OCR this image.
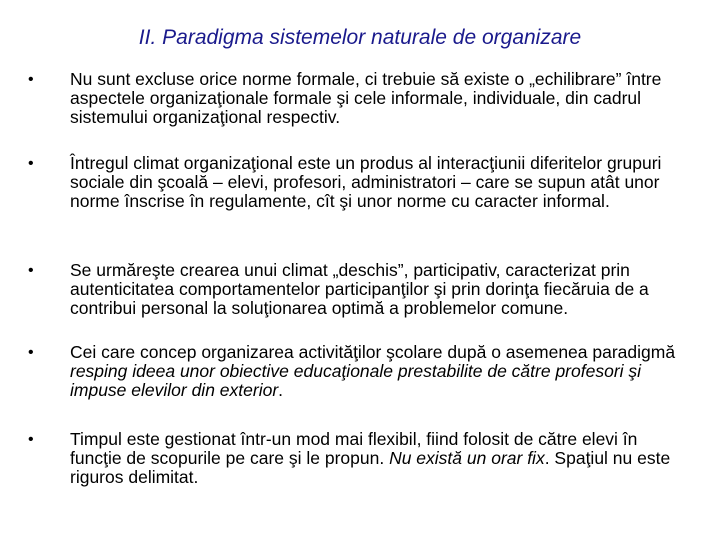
II. Paradigma sistemelor naturale de organizare
•	Nu sunt excluse orice norme formale, ci trebuie să existe o „echilibrare” între aspectele organizaţionale formale şi cele informale, individuale, din cadrul sistemului organizaţional respectiv.
•	Întregul climat organizaţional este un produs al interacţiunii diferitelor grupuri sociale din şcoală – elevi, profesori, administratori – care se supun atât unor norme înscrise în regulamente, cît şi unor norme cu caracter informal.
•	Se urmăreşte crearea unui climat „deschis”, participativ, caracterizat prin autenticitatea comportamentelor participanţilor şi prin dorinţa fiecăruia de a contribui personal la soluţionarea optimă a problemelor comune.
•	Cei care concep organizarea activităţilor şcolare după o asemenea paradigmă resping ideea unor obiective educaţionale prestabilite de către profesori şi impuse elevilor din exterior.
•	Timpul este gestionat într-un mod mai flexibil, fiind folosit de către elevi în funcţie de scopurile pe care şi le propun. Nu există un orar fix. Spaţiul nu este riguros delimitat.
